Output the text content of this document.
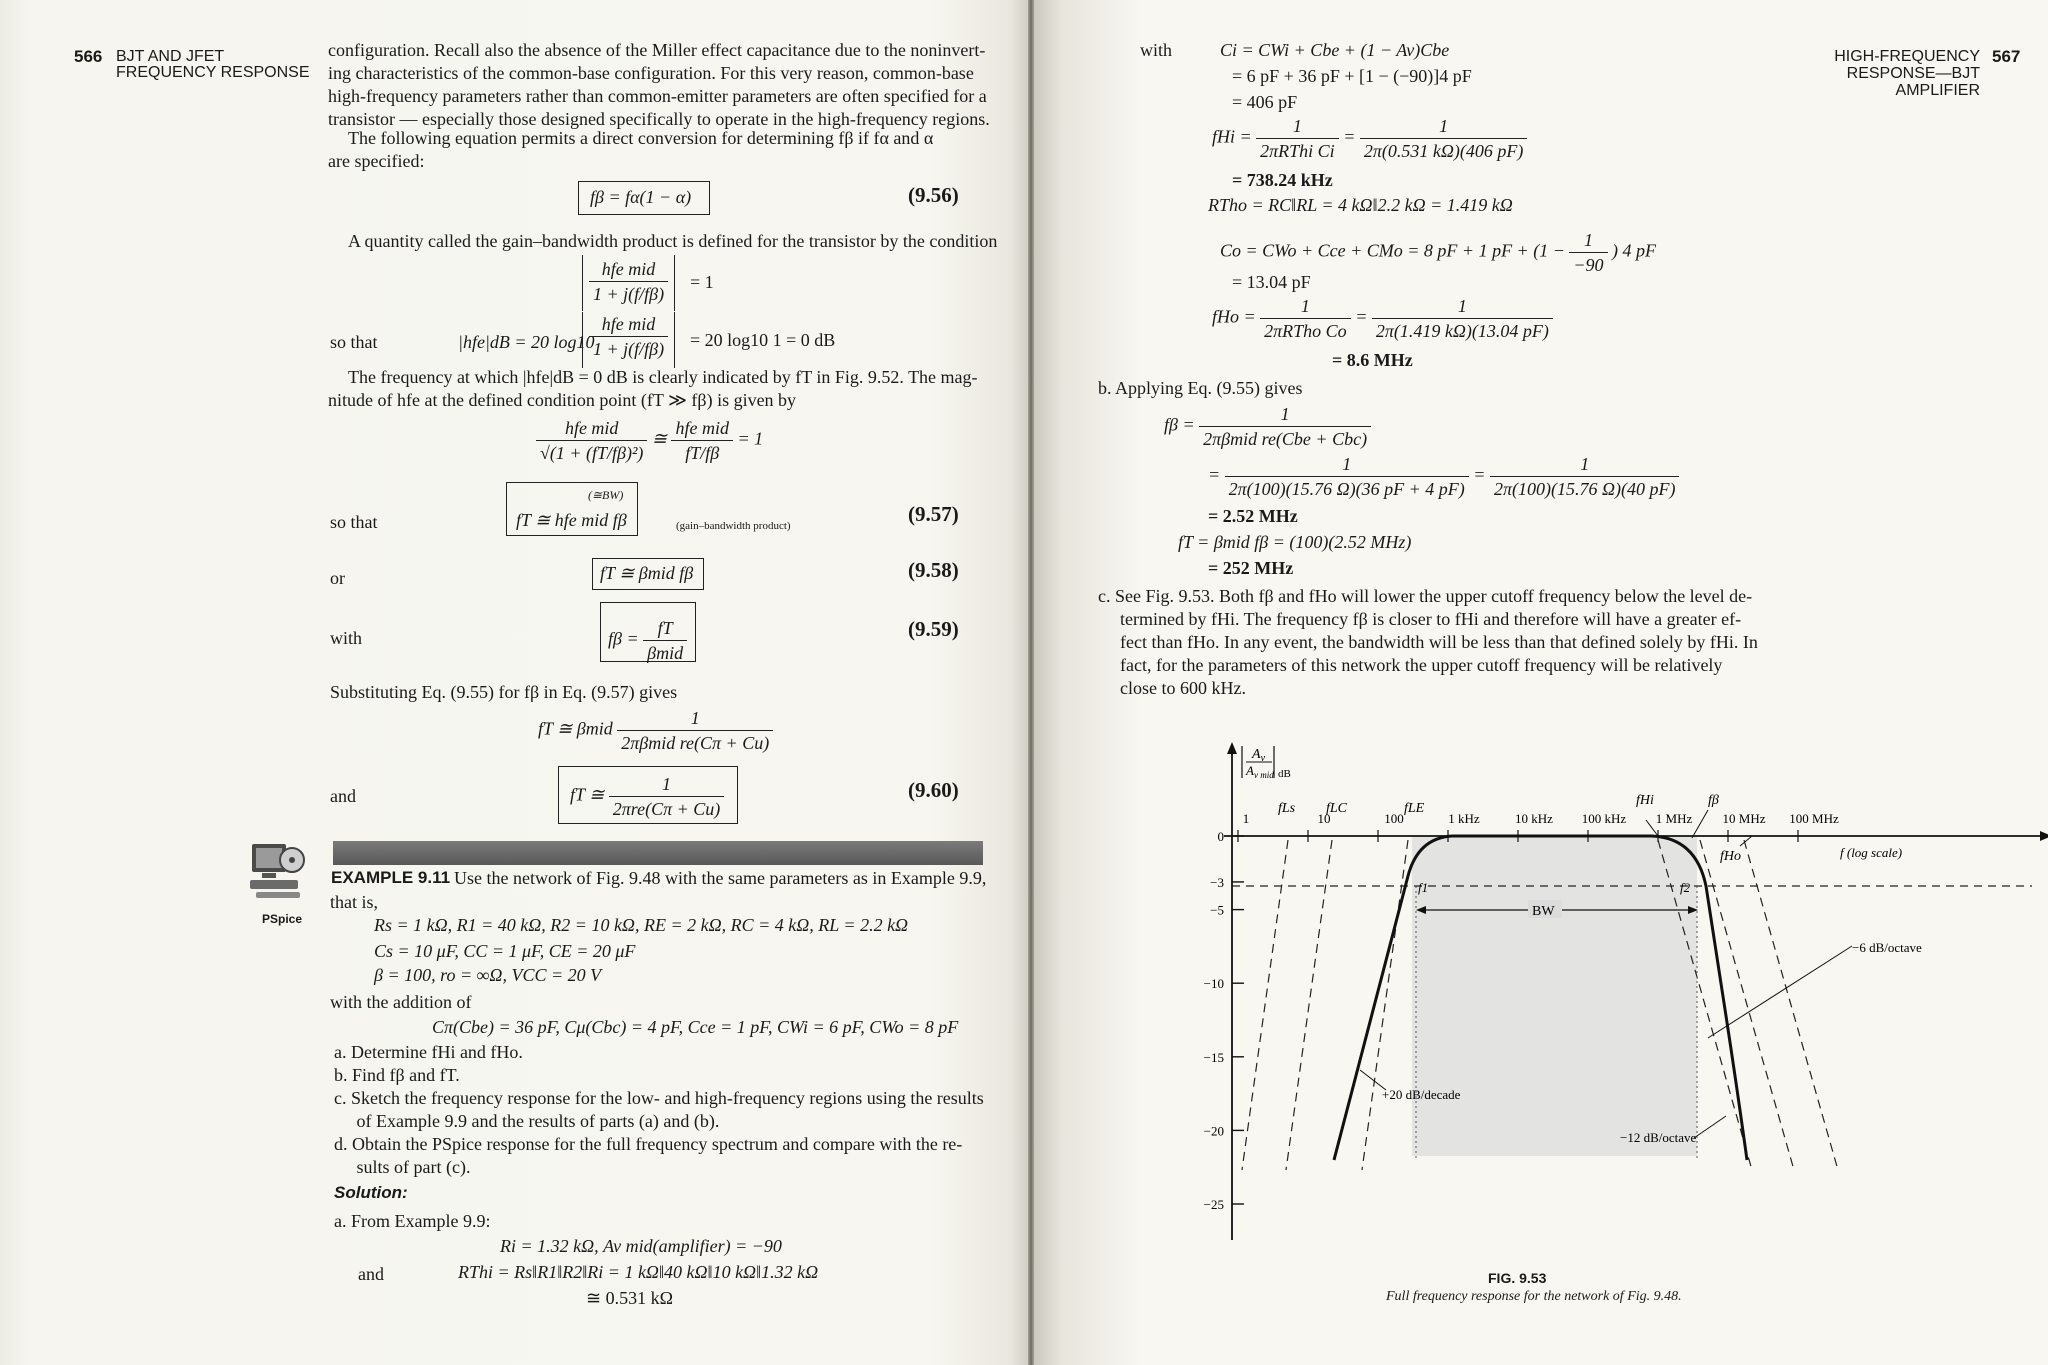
566 BJT AND JFET
FREQUENCY RESPONSE
configuration. Recall also the absence of the Miller effect capacitance due to the noninvert-
ing characteristics of the common-base configuration. For this very reason, common-base
high-frequency parameters rather than common-emitter parameters are often specified for a
transistor — especially those designed specifically to operate in the high-frequency regions.
The following equation permits a direct conversion for determining fβ if fα and α
are specified:
fβ = fα(1 − α)	(9.56)
A quantity called the gain–bandwidth product is defined for the transistor by the condition
$\frac{\text{hfe mid}}{1 + j(f/f\beta)} = 1$
so that	|hfe|dB = 20 log10
$\frac{\text{hfe mid}}{1 + j(f/f\beta)} = 20$ log10 1 = 0 dB
The frequency at which |hfe|dB = 0 dB is clearly indicated by fT in Fig. 9.52. The mag-
nitude of hfe at the defined condition point (fT ≫ fβ) is given by
$\frac{\text{hfe mid}}{\text{√(1 + (fT/fβ)²)}}$ ≅ $\frac{\text{hfe mid}}{fT/f\beta} = 1$
so that
(≅BW)
fT ≅ hfe mid fβ	(gain–bandwidth product)	(9.57)
or	fT ≅ βmid fβ	(9.58)
with	$f\beta = \frac{fT}{\text{βmid}}$	(9.59)
Substituting Eq. (9.55) for fβ in Eq. (9.57) gives
fT ≅ βmid $\frac{1}{\text{2πβmid re(Cπ + Cu)}}$
and	fT ≅ $\frac{1}{\text{2πre(Cπ + Cu)}}$	(9.60)
PSpice
EXAMPLE 9.11 Use the network of Fig. 9.48 with the same parameters as in Example 9.9,
that is,
Rs = 1 kΩ, R1 = 40 kΩ, R2 = 10 kΩ, RE = 2 kΩ, RC = 4 kΩ, RL = 2.2 kΩ
Cs = 10 μF, CC = 1 μF, CE = 20 μF
β = 100, ro = ∞Ω, VCC = 20 V
with the addition of
Cπ(Cbe) = 36 pF, Cμ(Cbc) = 4 pF, Cce = 1 pF, CWi = 6 pF, CWo = 8 pF
a. Determine fHi and fHo.
b. Find fβ and fT.
c. Sketch the frequency response for the low- and high-frequency regions using the results
of Example 9.9 and the results of parts (a) and (b).
d. Obtain the PSpice response for the full frequency spectrum and compare with the re-
sults of part (c).
Solution:
a. From Example 9.9:
Ri = 1.32 kΩ, Av mid(amplifier) = −90
and	RThi = Rs‖R1‖R2‖Ri = 1 kΩ‖40 kΩ‖10 kΩ‖1.32 kΩ
≅ 0.531 kΩ
HIGH-FREQUENCY
RESPONSE—BJT
AMPLIFIER
567
with	Ci = CWi + Cbe + (1 − Av)Cbe
= 6 pF + 36 pF + [1 − (−90)]4 pF
= 406 pF
fHi = $\frac{1}{\text{2πRThi Ci}} = \frac{1}{2\pi(0.531 k\Omega)(406 pF)}$
= 738.24 kHz
RTho = RC‖RL = 4 kΩ‖2.2 kΩ = 1.419 kΩ
Co = CWo + Cce + CMo = 8 pF + 1 pF + ($1 - \frac{1}{-90}$ ) 4 pF
= 13.04 pF
fHo = $\frac{1}{\text{2πRTho Co}} = \frac{1}{2\pi(1.419 k\Omega)(13.04 pF)}$
= 8.6 MHz
b. Applying Eq. (9.55) gives
$f\beta = \frac{1}{\text{2πβmid re(Cbe + Cbc)}}$
= $\frac{1}{2\pi(100)(15.76 \Omega)(36 pF + 4 pF)} = \frac{1}{2\pi(100)(15.76 \Omega)(40 pF)}$
= 2.52 MHz
fT = βmid fβ = (100)(2.52 MHz)
= 252 MHz
c. See Fig. 9.53. Both fβ and fHo will lower the upper cutoff frequency below the level de-
termined by fHi. The frequency fβ is closer to fHi and therefore will have a greater ef-
fect than fHo. In any event, the bandwidth will be less than that defined solely by fHi. In
fact, for the parameters of this network the upper cutoff frequency will be relatively
close to 600 kHz.
0
−3
−5
−10
−15
−20
−25
1	10	100	1 kHz	10 kHz 100 kHz 1 MHz 10 MHz 100 MHz
$A_v$
$A_{v mid}$ dB
f (log scale)
BW
f1	f2
fLs fLC	fLE
fHi	fβ
fHo
+20 dB/decade
−12 dB/octave
−6 dB/octave
FIG. 9.53
Full frequency response for the network of Fig. 9.48.
